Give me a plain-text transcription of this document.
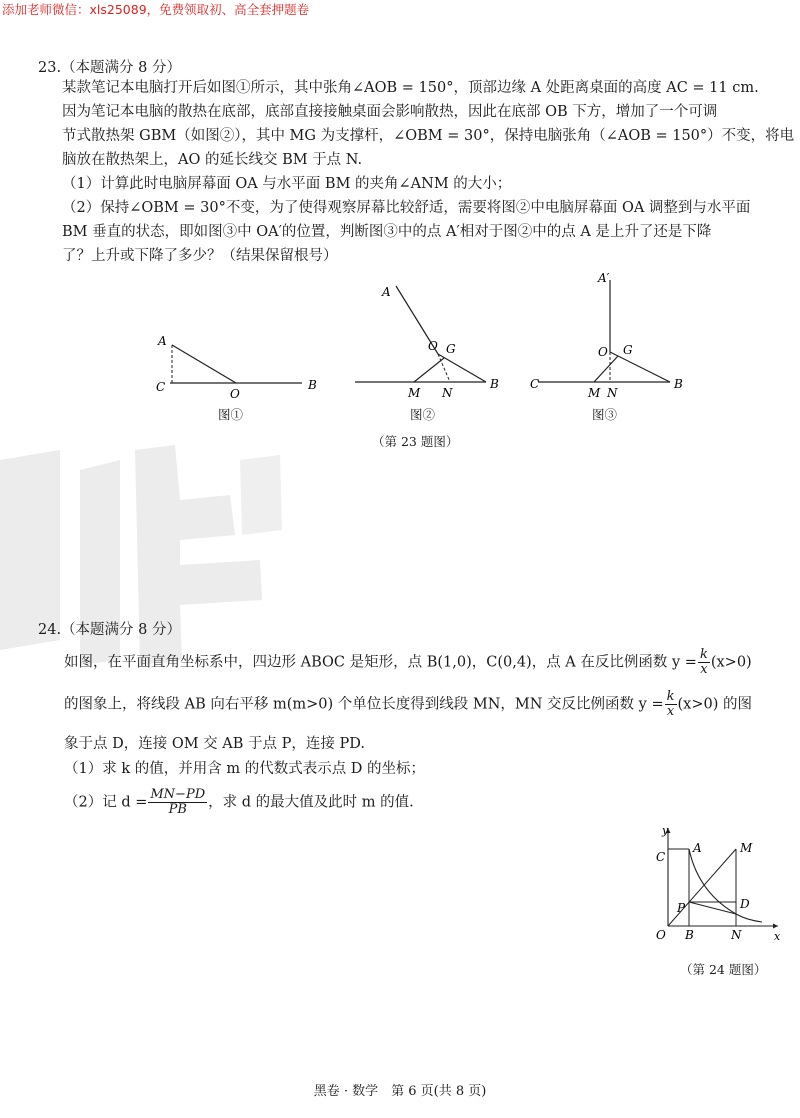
添加老师微信：xls25089，免费领取初、高全套押题卷
23.（本题满分 8 分）
某款笔记本电脑打开后如图①所示，其中张角∠AOB = 150°，顶部边缘 A 处距离桌面的高度 AC = 11 cm.
因为笔记本电脑的散热在底部，底部直接接触桌面会影响散热，因此在底部 OB 下方，增加了一个可调
节式散热架 GBM（如图②），其中 MG 为支撑杆，∠OBM = 30°，保持电脑张角（∠AOB = 150°）不变，将电
脑放在散热架上，AO 的延长线交 BM 于点 N.
（1）计算此时电脑屏幕面 OA 与水平面 BM 的夹角∠ANM 的大小；
（2）保持∠OBM = 30°不变，为了使得观察屏幕比较舒适，需要将图②中电脑屏幕面 OA 调整到与水平面
BM 垂直的状态，即如图③中 OA′的位置，判断图③中的点 A′相对于图②中的点 A 是上升了还是下降
了？上升或下降了多少？（结果保留根号）
A
C	O
B
图①
A
O G
M N
B
图②
A′
O G
M N
B
C
图③
（第 23 题图）
24.（本题满分 8 分）
如图，在平面直角坐标系中，四边形 ABOC 是矩形，点 B(1,0)，C(0,4)，点 A 在反比例函数 $y = \frac{k}{x} (x>0)$
的图象上，将线段 AB 向右平移 m(m>0) 个单位长度得到线段 MN，MN 交反比例函数 $y = \frac{k}{x} (x>0)$ 的图
象于点 D，连接 OM 交 AB 于点 P，连接 PD.
（1）求 k 的值，并用含 m 的代数式表示点 D 的坐标；
（2）记 $d = \frac{MN-PD}{PB}$ ，求 d 的最大值及此时 m 的值.
y
x
C
A	M
P	D
O B	N
（第 24 题图）
黑卷 · 数学　第 6 页(共 8 页)
